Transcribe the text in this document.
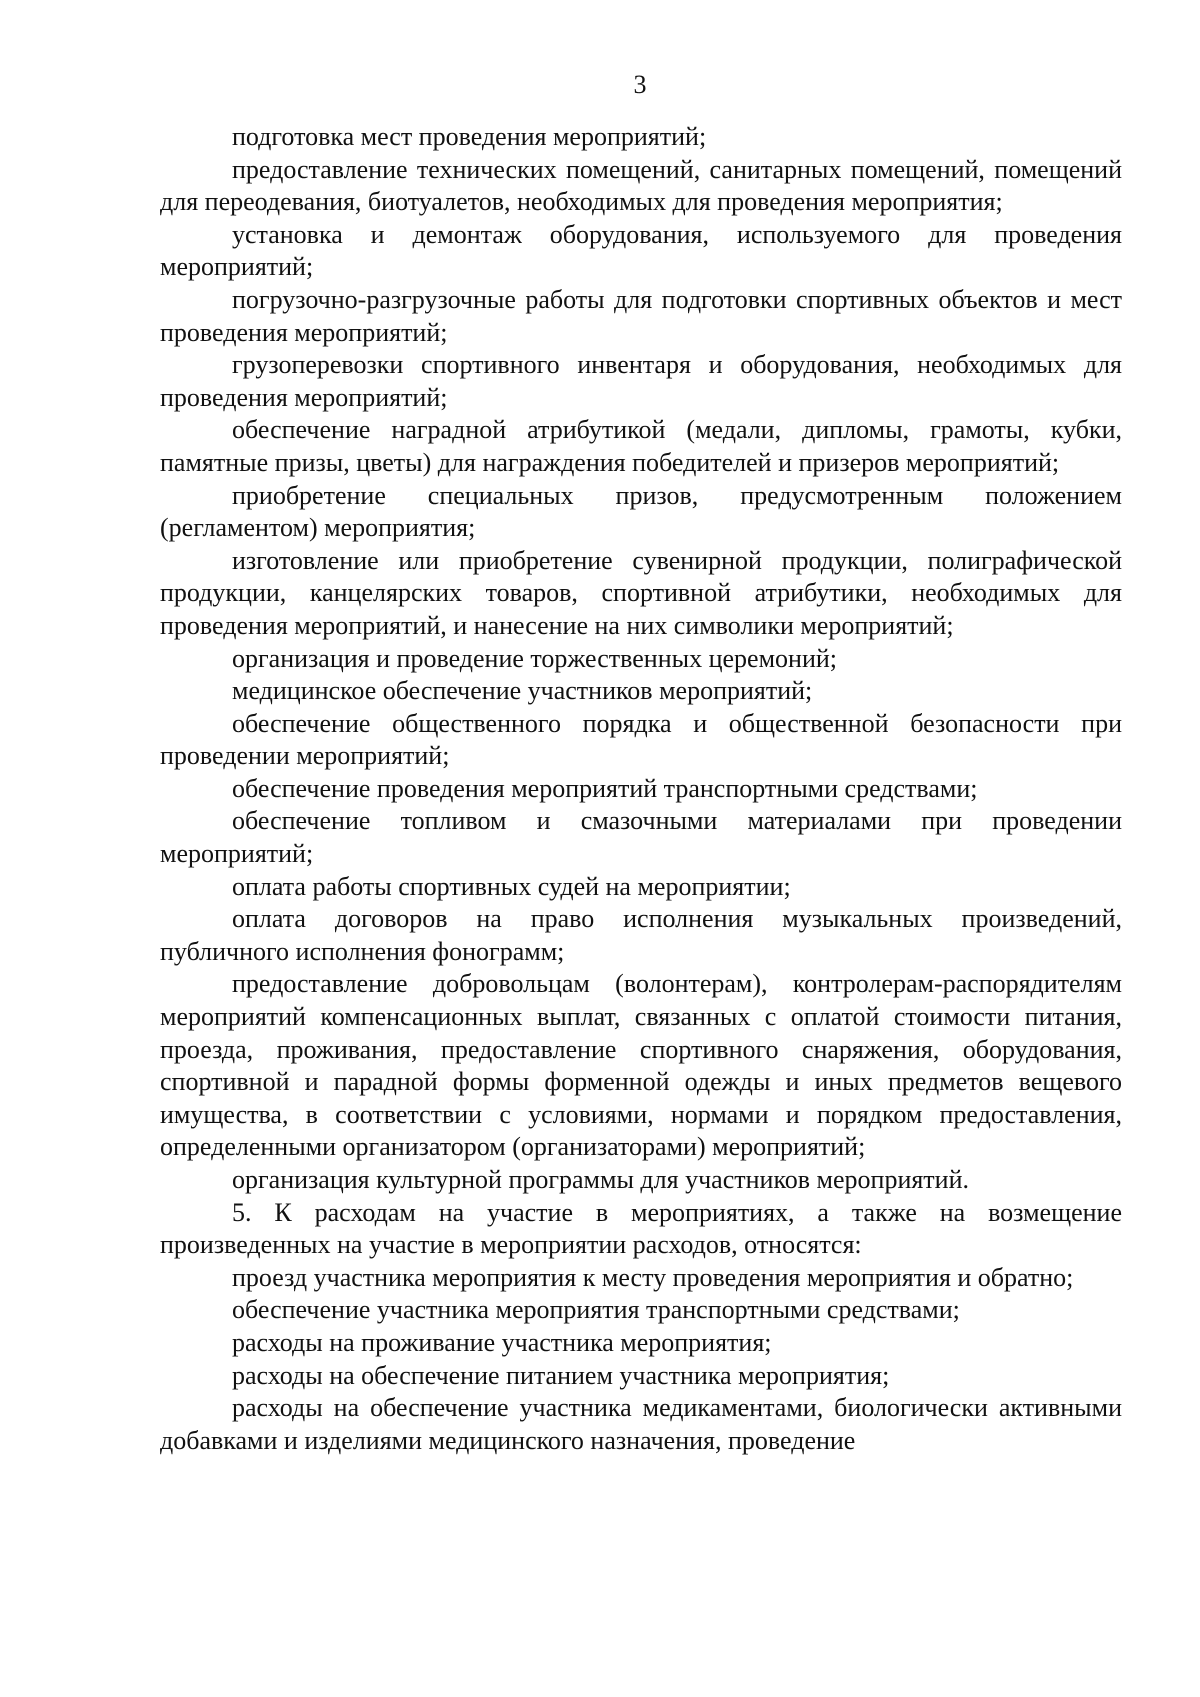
3

подготовка мест проведения мероприятий;

предоставление технических помещений, санитарных помещений, помещений для переодевания, биотуалетов, необходимых для проведения мероприятия;

установка и демонтаж оборудования, используемого для проведения мероприятий;

погрузочно-разгрузочные работы для подготовки спортивных объектов и мест проведения мероприятий;

грузоперевозки спортивного инвентаря и оборудования, необходимых для проведения мероприятий;

обеспечение наградной атрибутикой (медали, дипломы, грамоты, кубки, памятные призы, цветы) для награждения победителей и призеров мероприятий;

приобретение специальных призов, предусмотренным положением (регламентом) мероприятия;

изготовление или приобретение сувенирной продукции, полиграфической продукции, канцелярских товаров, спортивной атрибутики, необходимых для проведения мероприятий, и нанесение на них символики мероприятий;

организация и проведение торжественных церемоний;

медицинское обеспечение участников мероприятий;

обеспечение общественного порядка и общественной безопасности при проведении мероприятий;

обеспечение проведения мероприятий транспортными средствами;

обеспечение топливом и смазочными материалами при проведении мероприятий;

оплата работы спортивных судей на мероприятии;

оплата договоров на право исполнения музыкальных произведений, публичного исполнения фонограмм;

предоставление добровольцам (волонтерам), контролерам-распорядителям мероприятий компенсационных выплат, связанных с оплатой стоимости питания, проезда, проживания, предоставление спортивного снаряжения, оборудования, спортивной и парадной формы форменной одежды и иных предметов вещевого имущества, в соответствии с условиями, нормами и порядком предоставления, определенными организатором (организаторами) мероприятий;

организация культурной программы для участников мероприятий.

5. К расходам на участие в мероприятиях, а также на возмещение произведенных на участие в мероприятии расходов, относятся:

проезд участника мероприятия к месту проведения мероприятия и обратно;

обеспечение участника мероприятия транспортными средствами;

расходы на проживание участника мероприятия;

расходы на обеспечение питанием участника мероприятия;

расходы на обеспечение участника медикаментами, биологически активными добавками и изделиями медицинского назначения, проведение
